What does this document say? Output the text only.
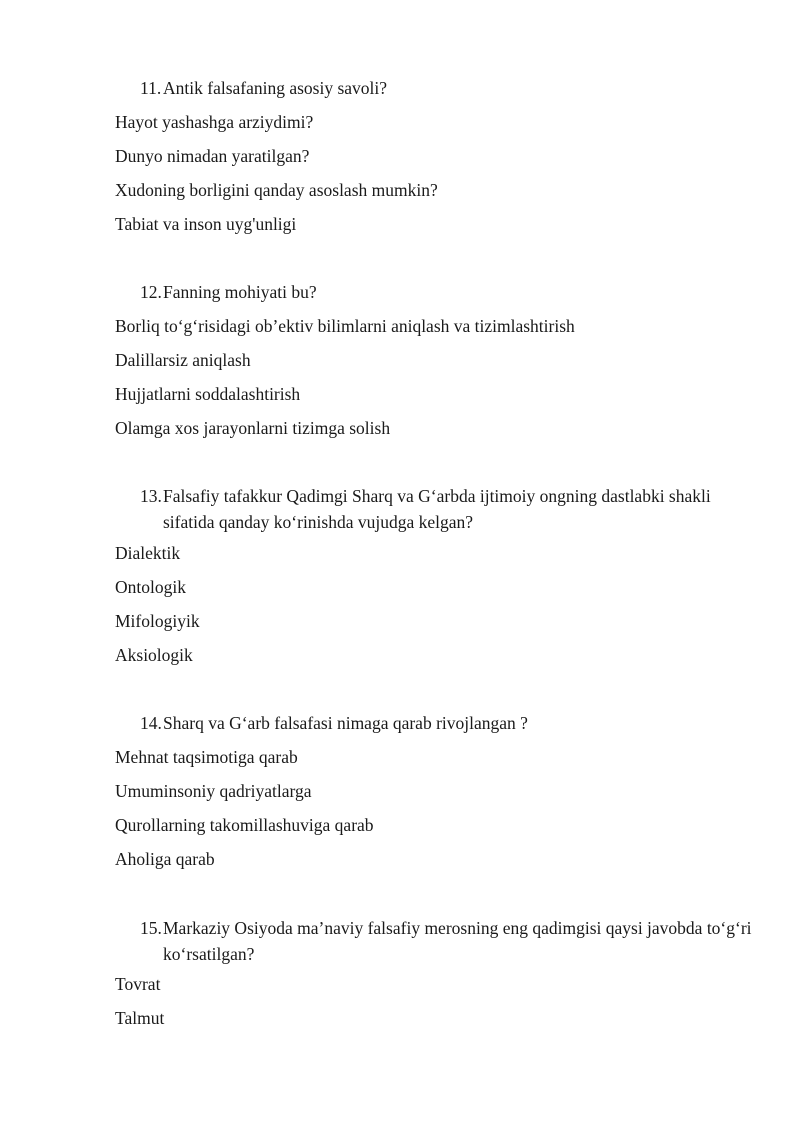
11. Antik falsafaning asosiy savoli?
Hayot yashashga arziydimi?
Dunyo nimadan yaratilgan?
Xudoning borligini qanday asoslash mumkin?
Tabiat va inson uyg'unligi
12. Fanning mohiyati bu?
Borliq to‘g‘risidagi ob’ektiv bilimlarni aniqlash va tizimlashtirish
Dalillarsiz aniqlash
Hujjatlarni soddalashtirish
Olamga xos jarayonlarni tizimga solish
13. Falsafiy tafakkur Qadimgi Sharq va G‘arbda ijtimoiy ongning dastlabki shakli sifatida qanday ko‘rinishda vujudga kelgan?
Dialektik
Ontologik
Mifologiyik
Aksiologik
14. Sharq va G‘arb falsafasi nimaga qarab rivojlangan ?
Mehnat taqsimotiga qarab
Umuminsoniy qadriyatlarga
Qurollarning takomillashuviga qarab
Aholiga qarab
15. Markaziy Osiyoda ma’naviy falsafiy merosning eng qadimgisi qaysi javobda to‘g‘ri ko‘rsatilgan?
Tovrat
Talmut
